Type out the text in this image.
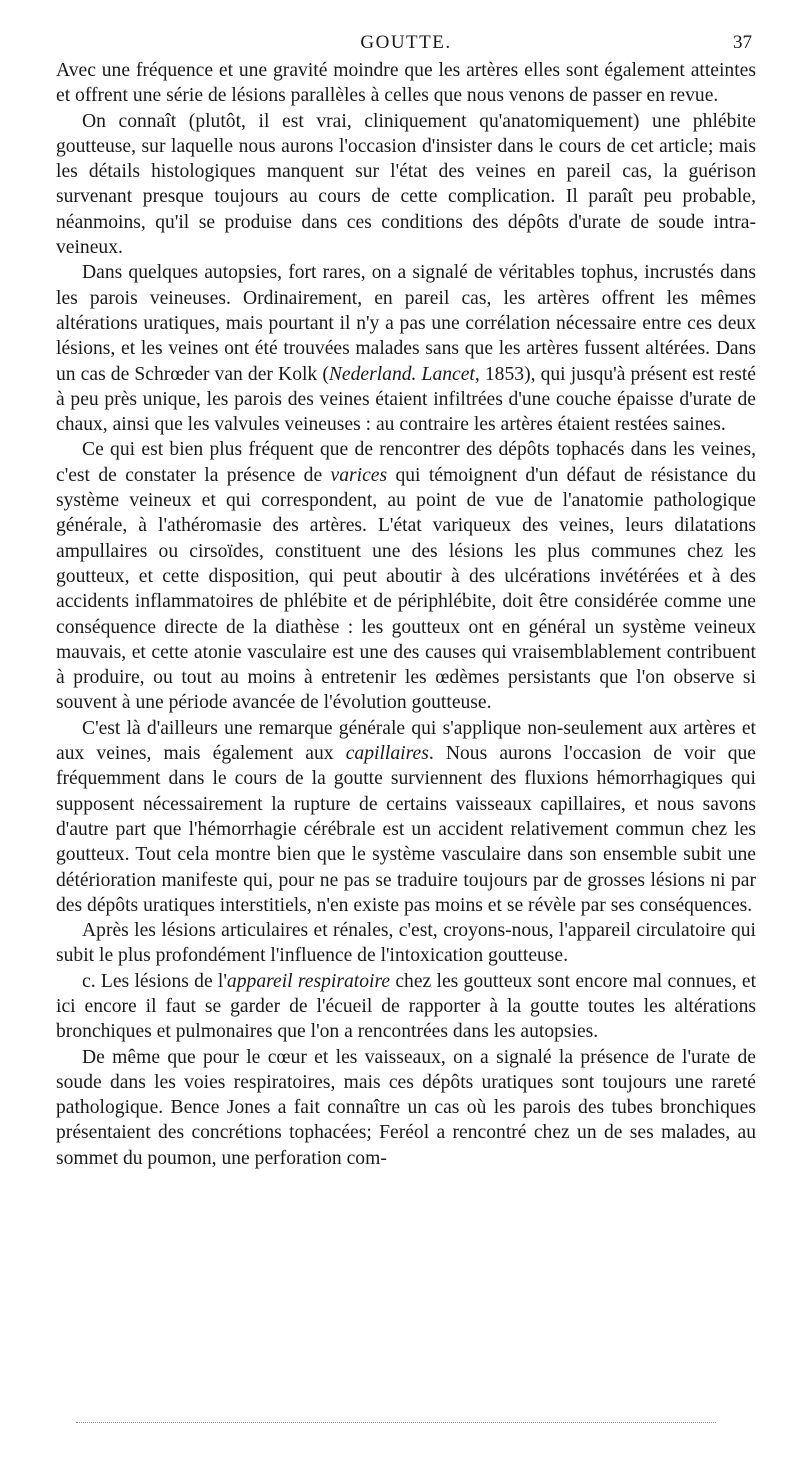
GOUTTE.	37

Avec une fréquence et une gravité moindre que les artères elles sont également atteintes et offrent une série de lésions parallèles à celles que nous venons de passer en revue.

On connaît (plutôt, il est vrai, cliniquement qu'anatomiquement) une phlébite goutteuse, sur laquelle nous aurons l'occasion d'insister dans le cours de cet article; mais les détails histologiques manquent sur l'état des veines en pareil cas, la guérison survenant presque toujours au cours de cette complication. Il paraît peu probable, néanmoins, qu'il se produise dans ces conditions des dépôts d'urate de soude intra-veineux.

Dans quelques autopsies, fort rares, on a signalé de véritables tophus, incrustés dans les parois veineuses. Ordinairement, en pareil cas, les artères offrent les mêmes altérations uratiques, mais pourtant il n'y a pas une corrélation nécessaire entre ces deux lésions, et les veines ont été trouvées malades sans que les artères fussent altérées. Dans un cas de Schrœder van der Kolk (Nederland. Lancet, 1853), qui jusqu'à présent est resté à peu près unique, les parois des veines étaient infiltrées d'une couche épaisse d'urate de chaux, ainsi que les valvules veineuses : au contraire les artères étaient restées saines.

Ce qui est bien plus fréquent que de rencontrer des dépôts tophacés dans les veines, c'est de constater la présence de varices qui témoignent d'un défaut de résistance du système veineux et qui correspondent, au point de vue de l'anatomie pathologique générale, à l'athéromasie des artères. L'état variqueux des veines, leurs dilatations ampullaires ou cirsoïdes, constituent une des lésions les plus communes chez les goutteux, et cette disposition, qui peut aboutir à des ulcérations invétérées et à des accidents inflammatoires de phlébite et de périphlébite, doit être considérée comme une conséquence directe de la diathèse : les goutteux ont en général un système veineux mauvais, et cette atonie vasculaire est une des causes qui vraisemblablement contribuent à produire, ou tout au moins à entretenir les œdèmes persistants que l'on observe si souvent à une période avancée de l'évolution goutteuse.

C'est là d'ailleurs une remarque générale qui s'applique non-seulement aux artères et aux veines, mais également aux capillaires. Nous aurons l'occasion de voir que fréquemment dans le cours de la goutte surviennent des fluxions hémorrhagiques qui supposent nécessairement la rupture de certains vaisseaux capillaires, et nous savons d'autre part que l'hémorrhagie cérébrale est un accident relativement commun chez les goutteux. Tout cela montre bien que le système vasculaire dans son ensemble subit une détérioration manifeste qui, pour ne pas se traduire toujours par de grosses lésions ni par des dépôts uratiques interstitiels, n'en existe pas moins et se révèle par ses conséquences.

Après les lésions articulaires et rénales, c'est, croyons-nous, l'appareil circulatoire qui subit le plus profondément l'influence de l'intoxication goutteuse.

c. Les lésions de l'appareil respiratoire chez les goutteux sont encore mal connues, et ici encore il faut se garder de l'écueil de rapporter à la goutte toutes les altérations bronchiques et pulmonaires que l'on a rencontrées dans les autopsies.

De même que pour le cœur et les vaisseaux, on a signalé la présence de l'urate de soude dans les voies respiratoires, mais ces dépôts uratiques sont toujours une rareté pathologique. Bence Jones a fait connaître un cas où les parois des tubes bronchiques présentaient des concrétions tophacées; Feréol a rencontré chez un de ses malades, au sommet du poumon, une perforation com-
